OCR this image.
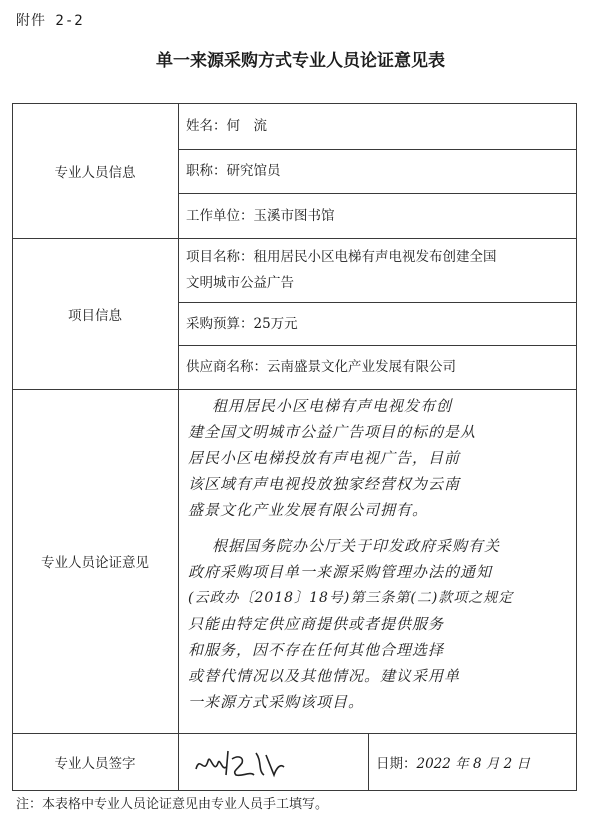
附件 2-2
单一来源采购方式专业人员论证意见表
专业人员信息
姓名：何　流
职称：研究馆员
工作单位：玉溪市图书馆
项目信息
项目名称：租用居民小区电梯有声电视发布创建全国
文明城市公益广告
采购预算：25万元
供应商名称：云南盛景文化产业发展有限公司
专业人员论证意见
租用居民小区电梯有声电视发布创
建全国文明城市公益广告项目的标的是从
居民小区电梯投放有声电视广告，目前
该区域有声电视投放独家经营权为云南
盛景文化产业发展有限公司拥有。
根据国务院办公厅关于印发政府采购有关
政府采购项目单一来源采购管理办法的通知
(云政办〔2018〕18号)第三条第(二)款项之规定
只能由特定供应商提供或者提供服务
和服务，因不存在任何其他合理选择
或替代情况以及其他情况。建议采用单
一来源方式采购该项目。
专业人员签字	日期： 2022 年 8 月 2 日
注：本表格中专业人员论证意见由专业人员手工填写。
